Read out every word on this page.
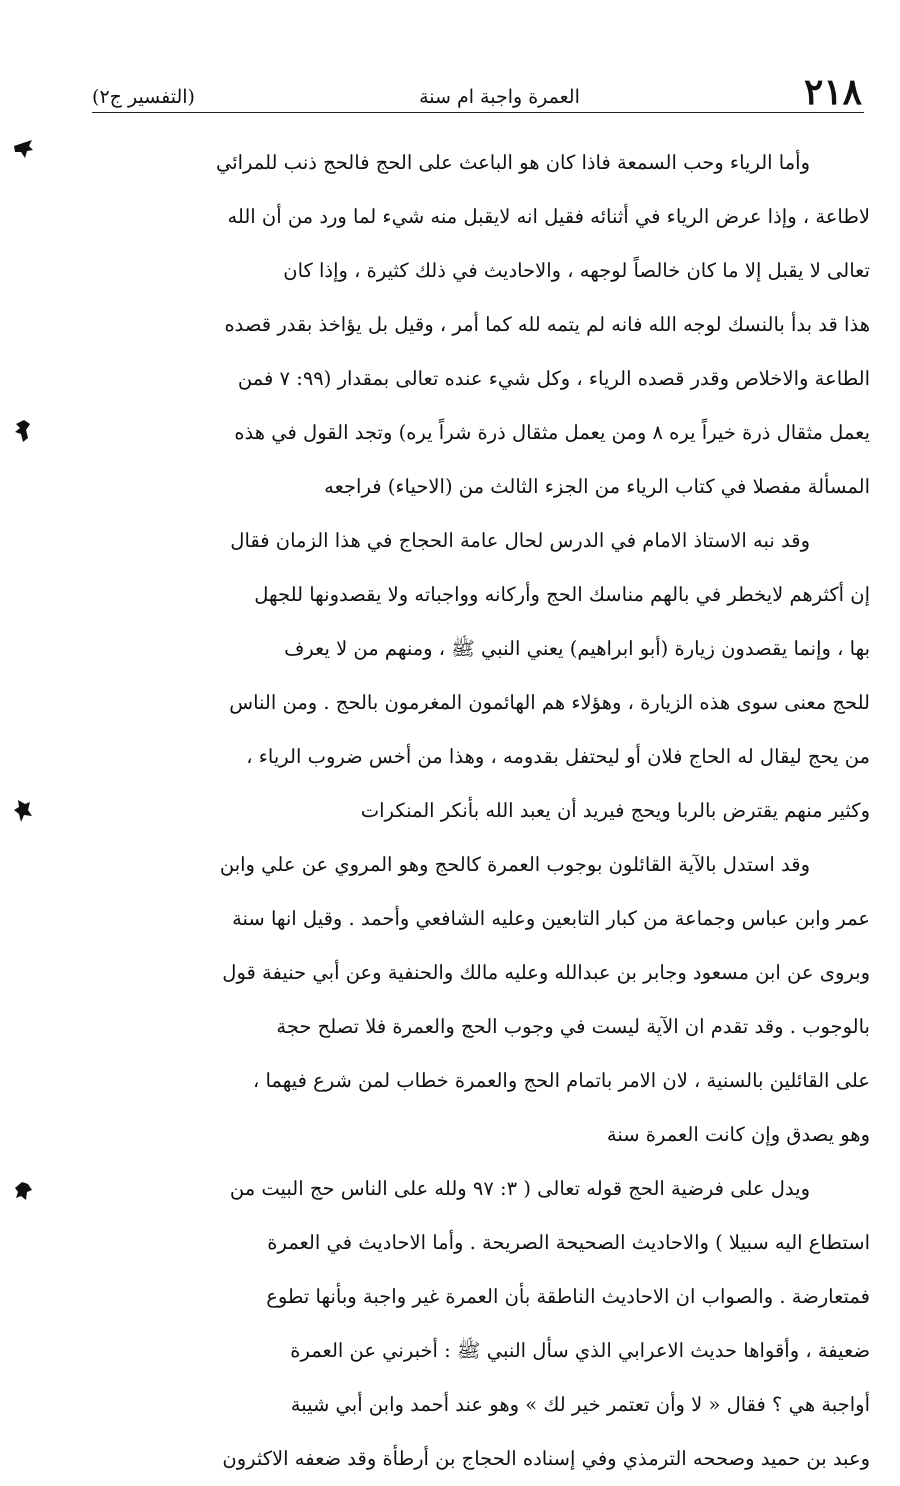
٢١٨
العمرة واجبة ام سنة
(التفسير ج٢)
وأما الرياء وحب السمعة فاذا كان هو الباعث على الحج فالحج ذنب للمرائي
لاطاعة ، وإذا عرض الرياء في أثنائه فقيل انه لايقبل منه شيء لما ورد من أن الله
تعالى لا يقبل إلا ما كان خالصاً لوجهه ، والاحاديث في ذلك كثيرة ، وإذا كان
هذا قد بدأ بالنسك لوجه الله فانه لم يتمه لله كما أمر ، وقيل بل يؤاخذ بقدر قصده
الطاعة والاخلاص وقدر قصده الرياء ، وكل شيء عنده تعالى بمقدار (٩٩: ٧ فمن
يعمل مثقال ذرة خيراً يره ٨ ومن يعمل مثقال ذرة شراً يره) وتجد القول في هذه
المسألة مفصلا في كتاب الرياء من الجزء الثالث من (الاحياء) فراجعه
وقد نبه الاستاذ الامام في الدرس لحال عامة الحجاج في هذا الزمان فقال
إن أكثرهم لايخطر في بالهم مناسك الحج وأركانه وواجباته ولا يقصدونها للجهل
بها ، وإنما يقصدون زيارة (أبو ابراهيم) يعني النبي ﷺ ، ومنهم من لا يعرف
للحج معنى سوى هذه الزيارة ، وهؤلاء هم الهائمون المغرمون بالحج . ومن الناس
من يحج ليقال له الحاج فلان أو ليحتفل بقدومه ، وهذا من أخس ضروب الرياء ،
وكثير منهم يقترض بالربا ويحج فيريد أن يعبد الله بأنكر المنكرات
وقد استدل بالآية القائلون بوجوب العمرة كالحج وهو المروي عن علي وابن
عمر وابن عباس وجماعة من كبار التابعين وعليه الشافعي وأحمد . وقيل انها سنة
وبروى عن ابن مسعود وجابر بن عبدالله وعليه مالك والحنفية وعن أبي حنيفة قول
بالوجوب . وقد تقدم ان الآية ليست في وجوب الحج والعمرة فلا تصلح حجة
على القائلين بالسنية ، لان الامر باتمام الحج والعمرة خطاب لمن شرع فيهما ،
وهو يصدق وإن كانت العمرة سنة
ويدل على فرضية الحج قوله تعالى ( ٣: ٩٧ ولله على الناس حج البيت من
استطاع اليه سبيلا ) والاحاديث الصحيحة الصريحة . وأما الاحاديث في العمرة
فمتعارضة . والصواب ان الاحاديث الناطقة بأن العمرة غير واجبة وبأنها تطوع
ضعيفة ، وأقواها حديث الاعرابي الذي سأل النبي ﷺ : أخبرني عن العمرة
أواجبة هي ؟ فقال « لا وأن تعتمر خير لك » وهو عند أحمد وابن أبي شيبة
وعبد بن حميد وصححه الترمذي وفي إسناده الحجاج بن أرطأة وقد ضعفه الاكثرون
